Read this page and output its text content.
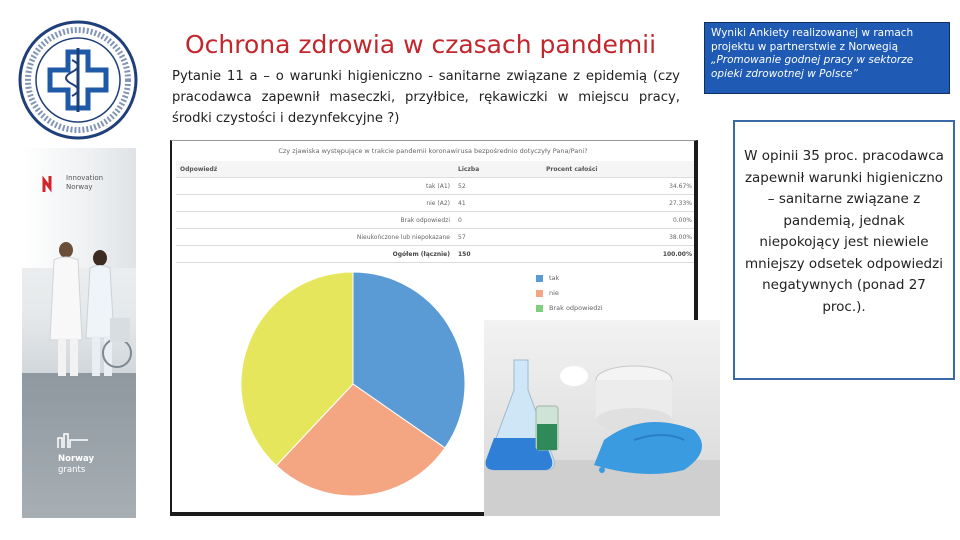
Ochrona zdrowia w czasach pandemii
Pytanie 11 a – o warunki higieniczno - sanitarne związane z epidemią (czy pracodawca zapewnił maseczki, przyłbice, rękawiczki w miejscu pracy, środki czystości i dezynfekcyjne ?)
Innovation
Norway
Norway
grants
Czy zjawiska występujące w trakcie pandemii koronawirusa bezpośrednio dotyczyły Pana/Pani?
Odpowiedź	Liczba	Procent całości
tak (A1)	52	34.67%
nie (A2)	41	27.33%
Brak odpowiedzi	0	0.00%
Nieukończone lub niepokazane	57	38.00%
Ogółem (łącznie)	150	100.00%
tak
nie
Brak odpowiedzi
Wyniki Ankiety realizowanej w ramach projektu w partnerstwie z Norwegią
„Promowanie godnej pracy w sektorze opieki zdrowotnej w Polsce”
W opinii 35 proc. pracodawca zapewnił warunki higieniczno – sanitarne związane z pandemią, jednak niepokojący jest niewiele mniejszy odsetek odpowiedzi negatywnych (ponad 27 proc.).
